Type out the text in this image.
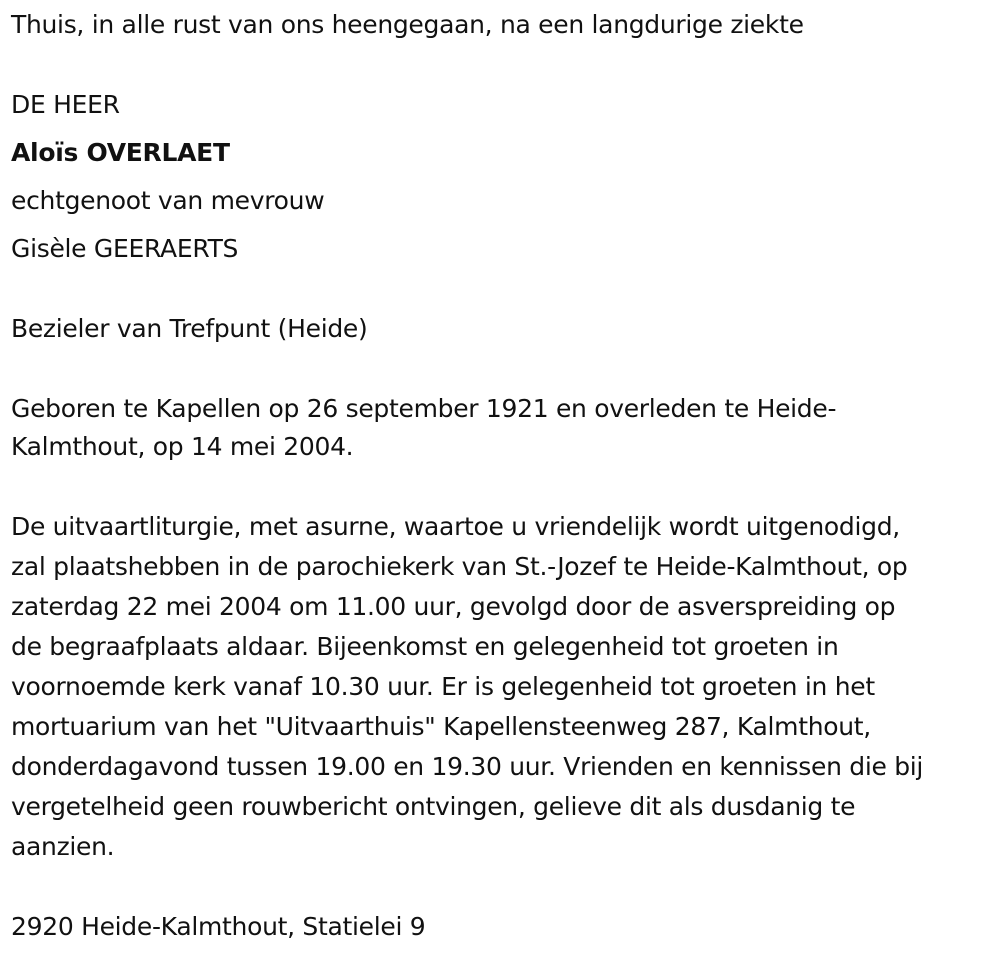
Thuis, in alle rust van ons heengegaan, na een langdurige ziekte
DE HEER
Aloïs OVERLAET
echtgenoot van mevrouw
Gisèle GEERAERTS
Bezieler van Trefpunt (Heide)
Geboren te Kapellen op 26 september 1921 en overleden te Heide-
Kalmthout, op 14 mei 2004.
De uitvaartliturgie, met asurne, waartoe u vriendelijk wordt uitgenodigd,
zal plaatshebben in de parochiekerk van St.-Jozef te Heide-Kalmthout, op
zaterdag 22 mei 2004 om 11.00 uur, gevolgd door de asverspreiding op
de begraafplaats aldaar. Bijeenkomst en gelegenheid tot groeten in
voornoemde kerk vanaf 10.30 uur. Er is gelegenheid tot groeten in het
mortuarium van het "Uitvaarthuis" Kapellensteenweg 287, Kalmthout,
donderdagavond tussen 19.00 en 19.30 uur. Vrienden en kennissen die bij
vergetelheid geen rouwbericht ontvingen, gelieve dit als dusdanig te
aanzien.
2920 Heide-Kalmthout, Statielei 9
